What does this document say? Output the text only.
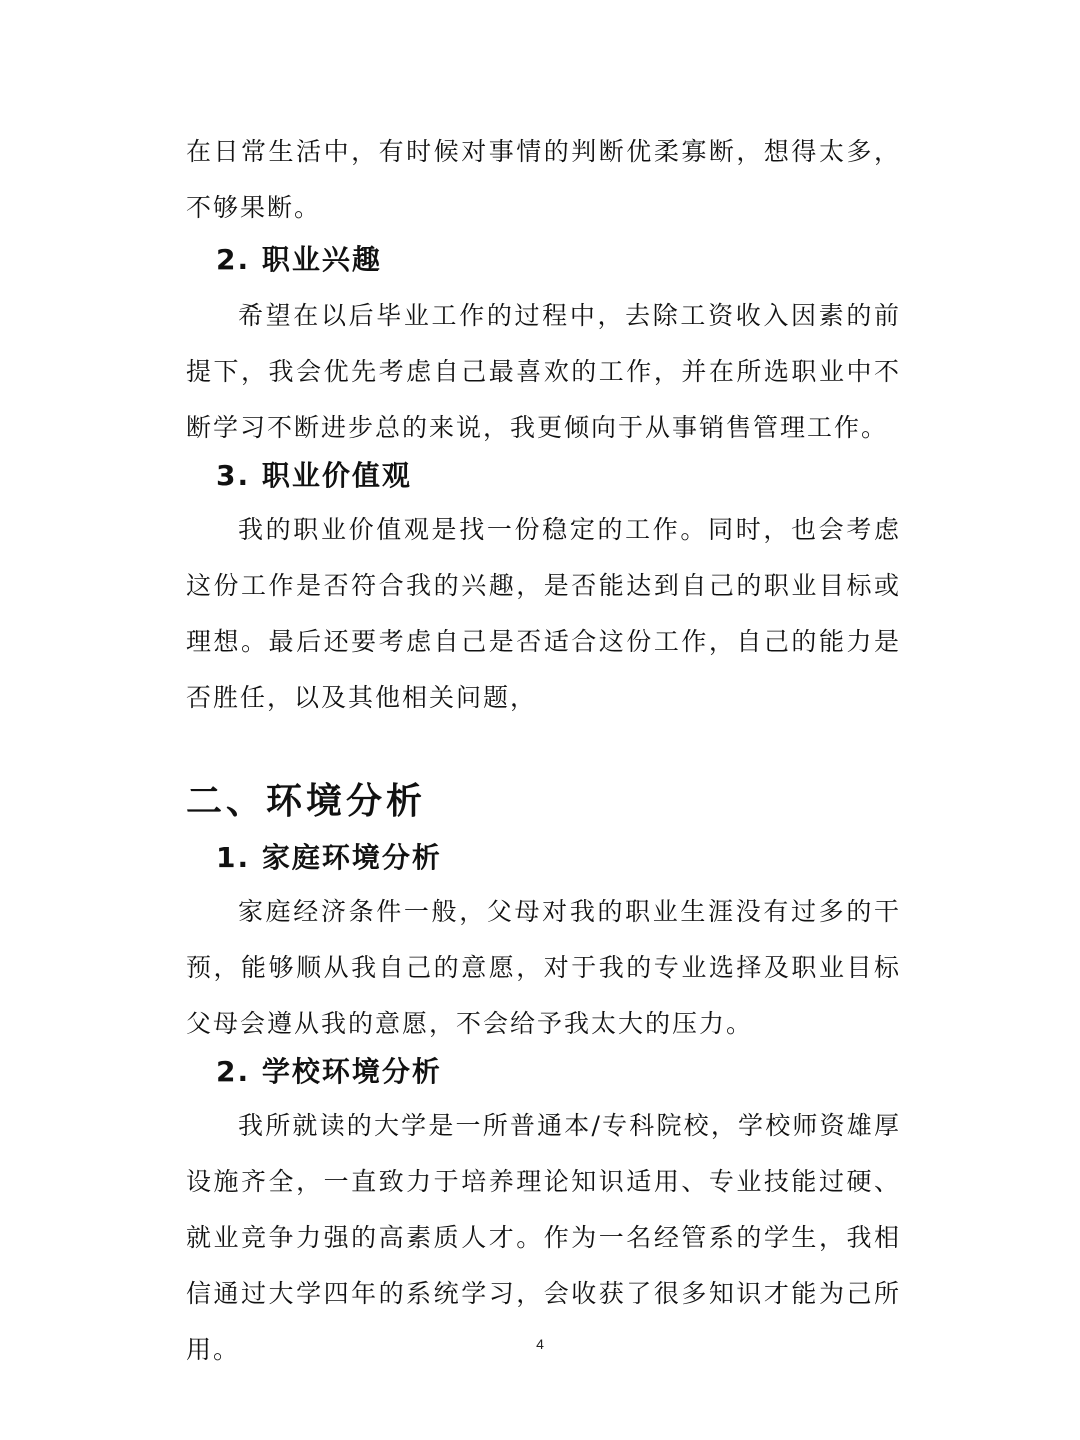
在日常生活中，有时候对事情的判断优柔寡断，想得太多，不够果断。

2. 职业兴趣

希望在以后毕业工作的过程中，去除工资收入因素的前提下，我会优先考虑自己最喜欢的工作，并在所选职业中不断学习不断进步总的来说，我更倾向于从事销售管理工作。

3. 职业价值观

我的职业价值观是找一份稳定的工作。同时，也会考虑这份工作是否符合我的兴趣，是否能达到自己的职业目标或理想。最后还要考虑自己是否适合这份工作，自己的能力是否胜任，以及其他相关问题，

二、环境分析
1. 家庭环境分析

家庭经济条件一般，父母对我的职业生涯没有过多的干预，能够顺从我自己的意愿，对于我的专业选择及职业目标父母会遵从我的意愿，不会给予我太大的压力。

2. 学校环境分析

我所就读的大学是一所普通本/专科院校，学校师资雄厚设施齐全，一直致力于培养理论知识适用、专业技能过硬、就业竞争力强的高素质人才。作为一名经管系的学生，我相信通过大学四年的系统学习，会收获了很多知识才能为己所用。	4
